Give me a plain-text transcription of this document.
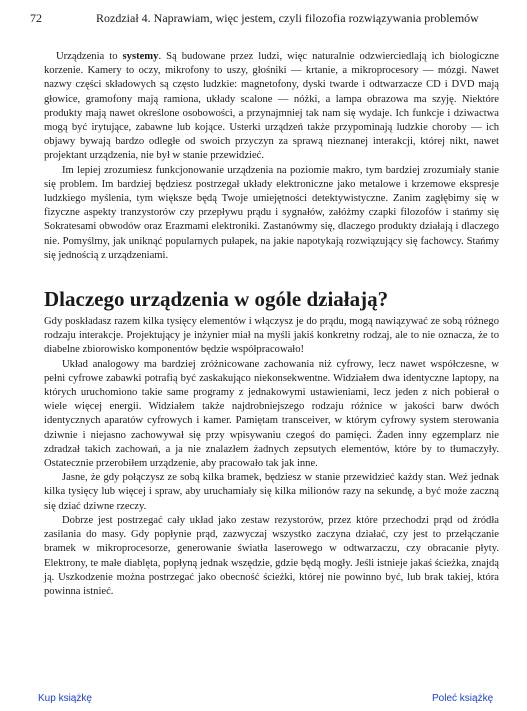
72	Rozdział 4. Naprawiam, więc jestem, czyli filozofia rozwiązywania problemów

Urządzenia to systemy. Są budowane przez ludzi, więc naturalnie odzwierciedlają ich biologiczne korzenie. Kamery to oczy, mikrofony to uszy, głośniki — krtanie, a mikroprocesory — mózgi. Nawet nazwy części składowych są często ludzkie: magnetofony, dyski twarde i odtwarzacze CD i DVD mają głowice, gramofony mają ramiona, układy scalone — nóżki, a lampa obrazowa ma szyję. Niektóre produkty mają nawet określone osobowości, a przynajmniej tak nam się wydaje. Ich funkcje i dziwactwa mogą być irytujące, zabawne lub kojące. Usterki urządzeń także przypominają ludzkie choroby — ich objawy bywają bardzo odległe od swoich przyczyn za sprawą nieznanej interakcji, której nikt, nawet projektant urządzenia, nie był w stanie przewidzieć.

Im lepiej zrozumiesz funkcjonowanie urządzenia na poziomie makro, tym bardziej zrozumiały stanie się problem. Im bardziej będziesz postrzegał układy elektroniczne jako metalowe i krzemowe ekspresje ludzkiego myślenia, tym większe będą Twoje umiejętności detektywistyczne. Zanim zagłębimy się w fizyczne aspekty tranzystorów czy przepływu prądu i sygnałów, załóżmy czapki filozofów i stańmy się Sokratesami obwodów oraz Erazmami elektroniki. Zastanówmy się, dlaczego produkty działają i dlaczego nie. Pomyślmy, jak uniknąć popularnych pułapek, na jakie napotykają rozwiązujący się fachowcy. Stańmy się jednością z urządzeniami.

Dlaczego urządzenia w ogóle działają?

Gdy poskładasz razem kilka tysięcy elementów i włączysz je do prądu, mogą nawiązywać ze sobą różnego rodzaju interakcje. Projektujący je inżynier miał na myśli jakiś konkretny rodzaj, ale to nie oznacza, że to diabelne zbiorowisko komponentów będzie współpracowało!

Układ analogowy ma bardziej zróżnicowane zachowania niż cyfrowy, lecz nawet współczesne, w pełni cyfrowe zabawki potrafią być zaskakująco niekonsekwentne. Widziałem dwa identyczne laptopy, na których uruchomiono takie same programy z jednakowymi ustawieniami, lecz jeden z nich pobierał o wiele więcej energii. Widziałem także najdrobniejszego rodzaju różnice w jakości barw dwóch identycznych aparatów cyfrowych i kamer. Pamiętam transceiver, w którym cyfrowy system sterowania dziwnie i niejasno zachowywał się przy wpisywaniu czegoś do pamięci. Żaden inny egzemplarz nie zdradzał takich zachowań, a ja nie znalazłem żadnych zepsutych elementów, które by to tłumaczyły. Ostatecznie przerobiłem urządzenie, aby pracowało tak jak inne.

Jasne, że gdy połączysz ze sobą kilka bramek, będziesz w stanie przewidzieć każdy stan. Weź jednak kilka tysięcy lub więcej i spraw, aby uruchamiały się kilka milionów razy na sekundę, a być może zaczną się dziać dziwne rzeczy.

Dobrze jest postrzegać cały układ jako zestaw rezystorów, przez które przechodzi prąd od źródła zasilania do masy. Gdy popłynie prąd, zazwyczaj wszystko zaczyna działać, czy jest to przełączanie bramek w mikroprocesorze, generowanie światła laserowego w odtwarzaczu, czy obracanie płyty. Elektrony, te małe diablęta, popłyną jednak wszędzie, gdzie będą mogły. Jeśli istnieje jakaś ścieżka, znajdą ją. Uszkodzenie można postrzegać jako obecność ścieżki, której nie powinno być, lub brak takiej, która powinna istnieć.

Kup książkę	Poleć książkę
